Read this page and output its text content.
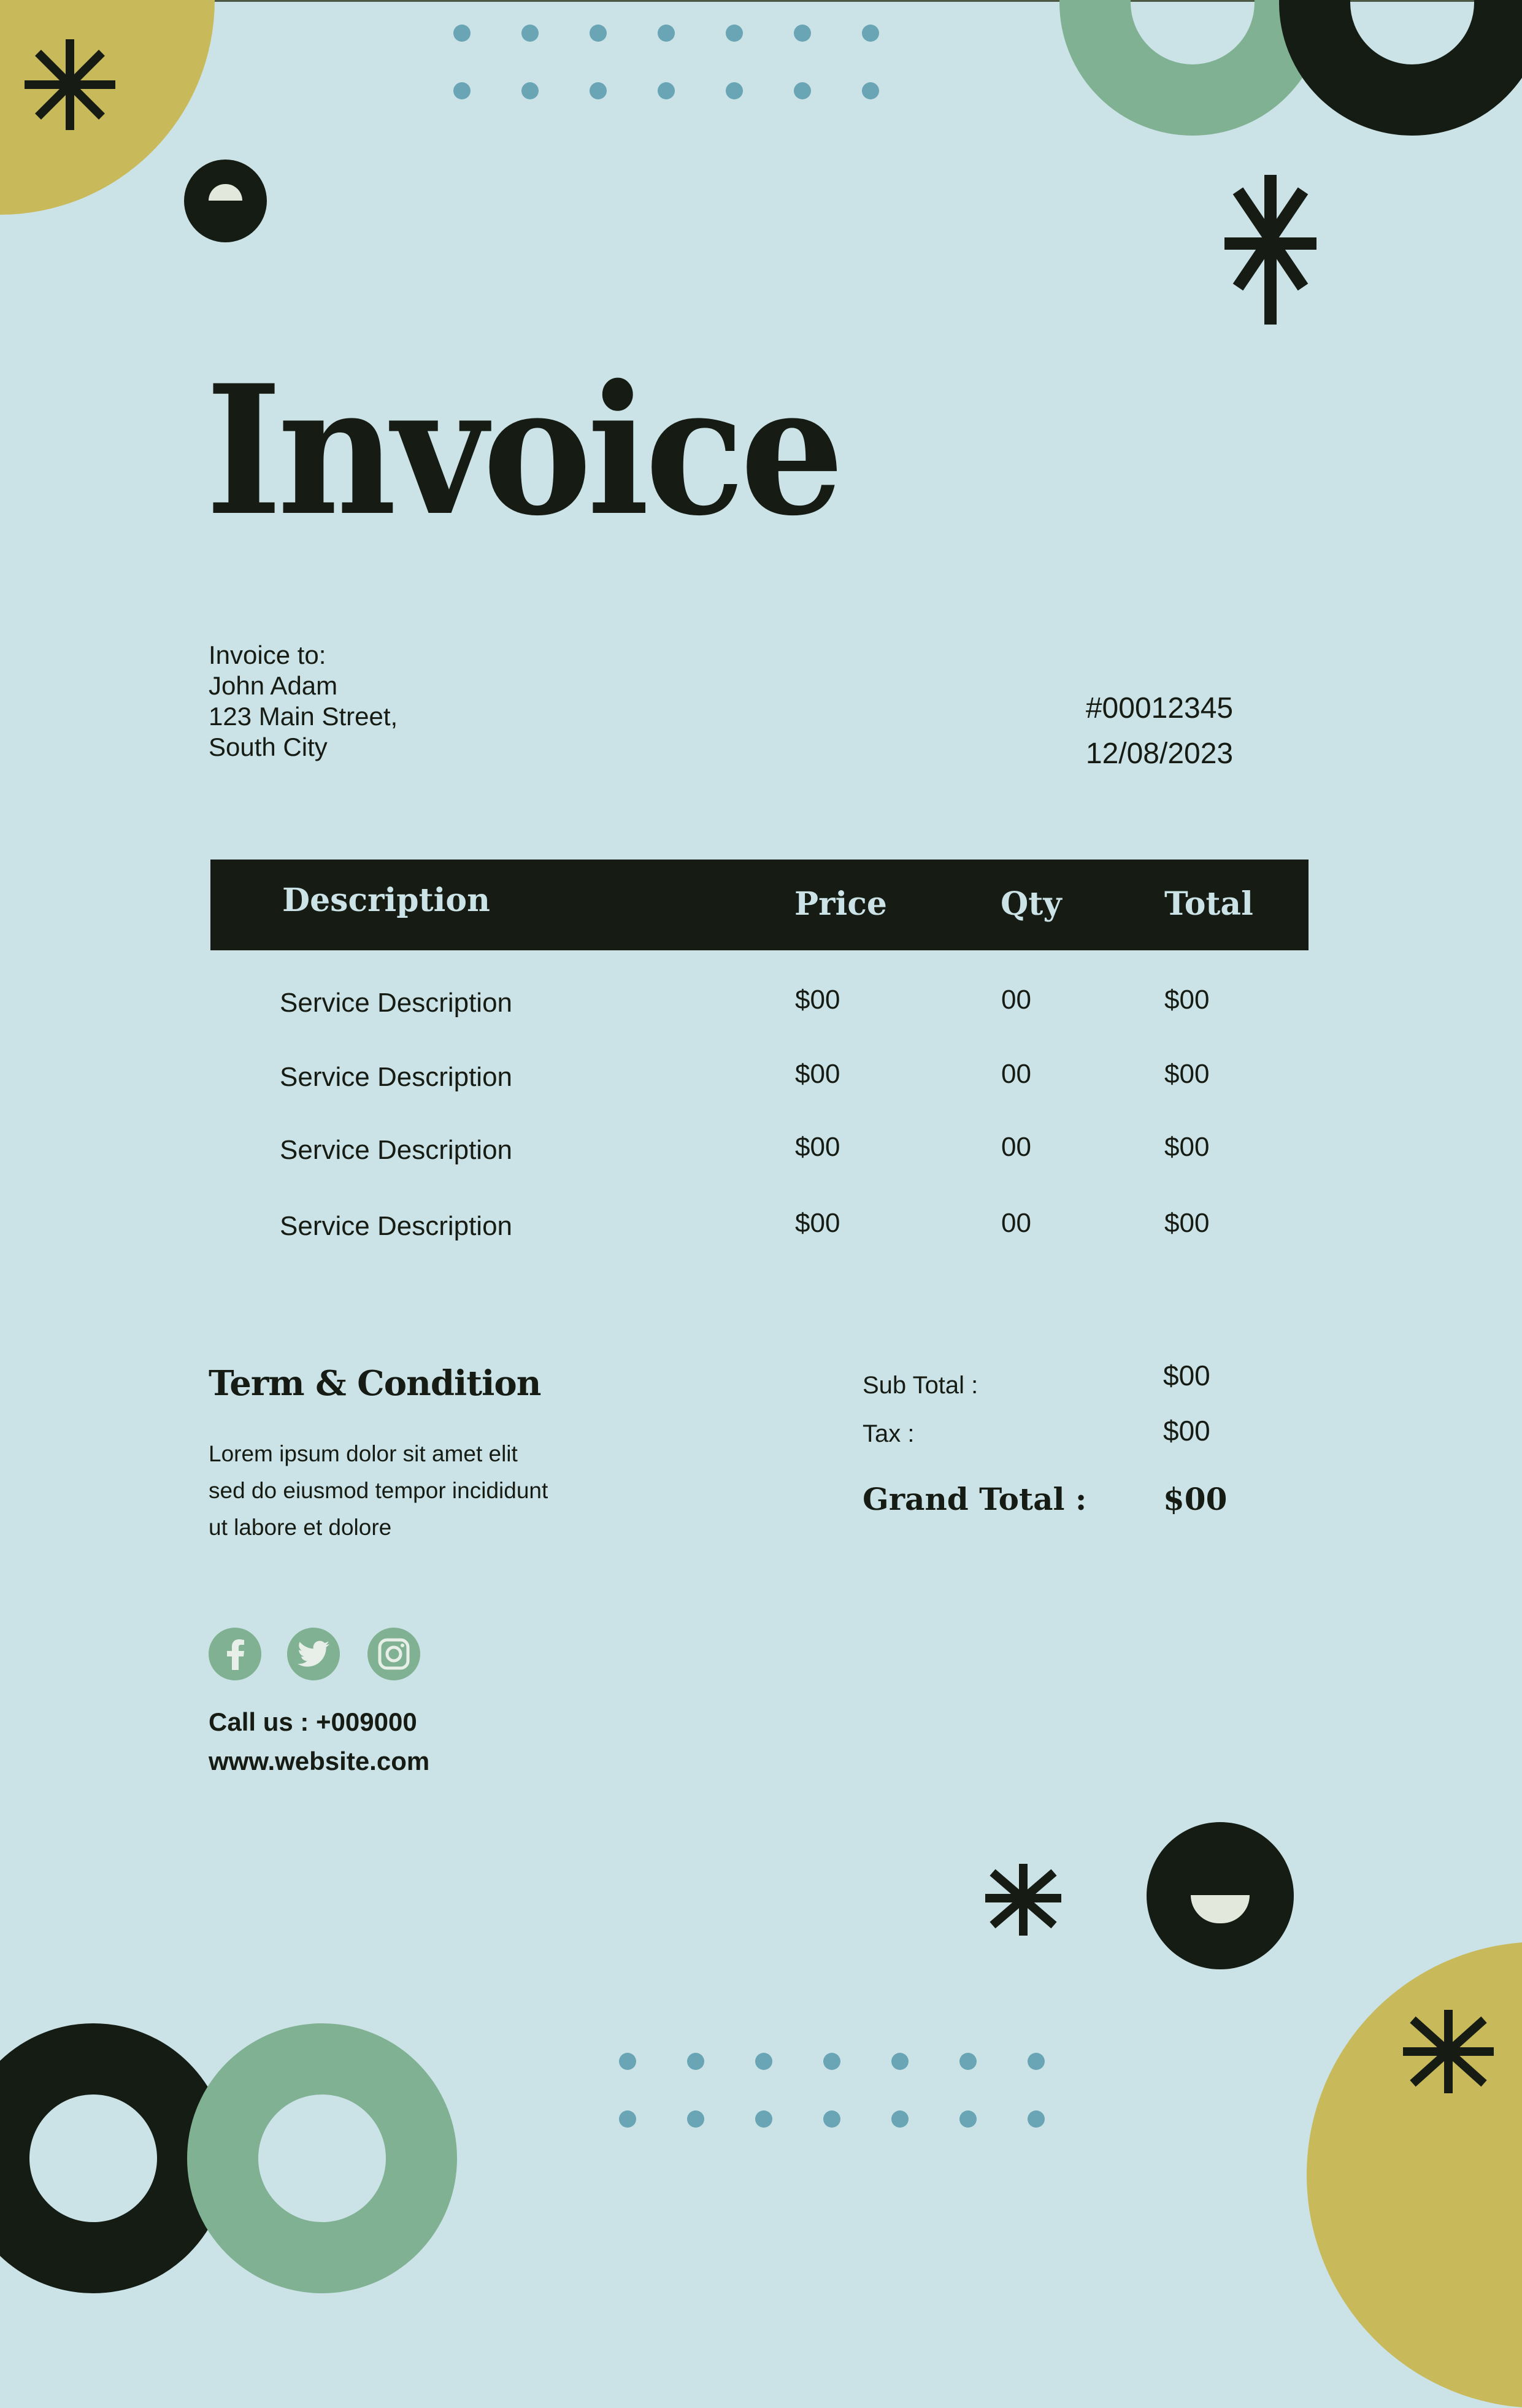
Invoice
Invoice to:
John Adam
123 Main Street,
South City
#00012345
12/08/2023
Description	Price	Qty	Total
Service Description	$00	00	$00
Service Description	$00	00	$00
Service Description	$00	00	$00
Service Description	$00	00	$00
Term & Condition
Lorem ipsum dolor sit amet elit
sed do eiusmod tempor incididunt
ut labore et dolore
Sub Total :	$00
Tax :	$00
Grand Total : $00
Call us : +009000
www.website.com
